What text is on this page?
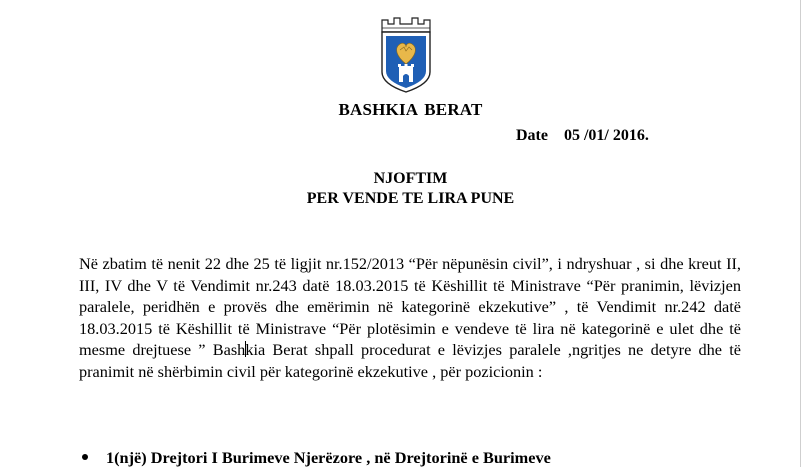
BASHKIA BERAT
Date    05 /01/ 2016.
NJOFTIM
PER VENDE TE LIRA PUNE
Në zbatim të nenit 22 dhe 25 të ligjit nr.152/2013 “Për nëpunësin civil”, i ndryshuar , si dhe kreut II, III, IV dhe V të Vendimit nr.243 datë 18.03.2015 të Këshillit të Ministrave “Për pranimin, lëvizjen paralele, peridhën e provës dhe emërimin në kategorinë ekzekutive” , të Vendimit nr.242 datë 18.03.2015 të Këshillit të Ministrave “Për plotësimin e vendeve të lira në kategorinë e ulet dhe të mesme drejtuese ” Bashkia Berat shpall procedurat e lëvizjes paralele ,ngritjes ne detyre dhe të pranimit në shërbimin civil për kategorinë ekzekutive , për pozicionin :
1(një) Drejtori I Burimeve Njerëzore , në Drejtorinë e Burimeve
